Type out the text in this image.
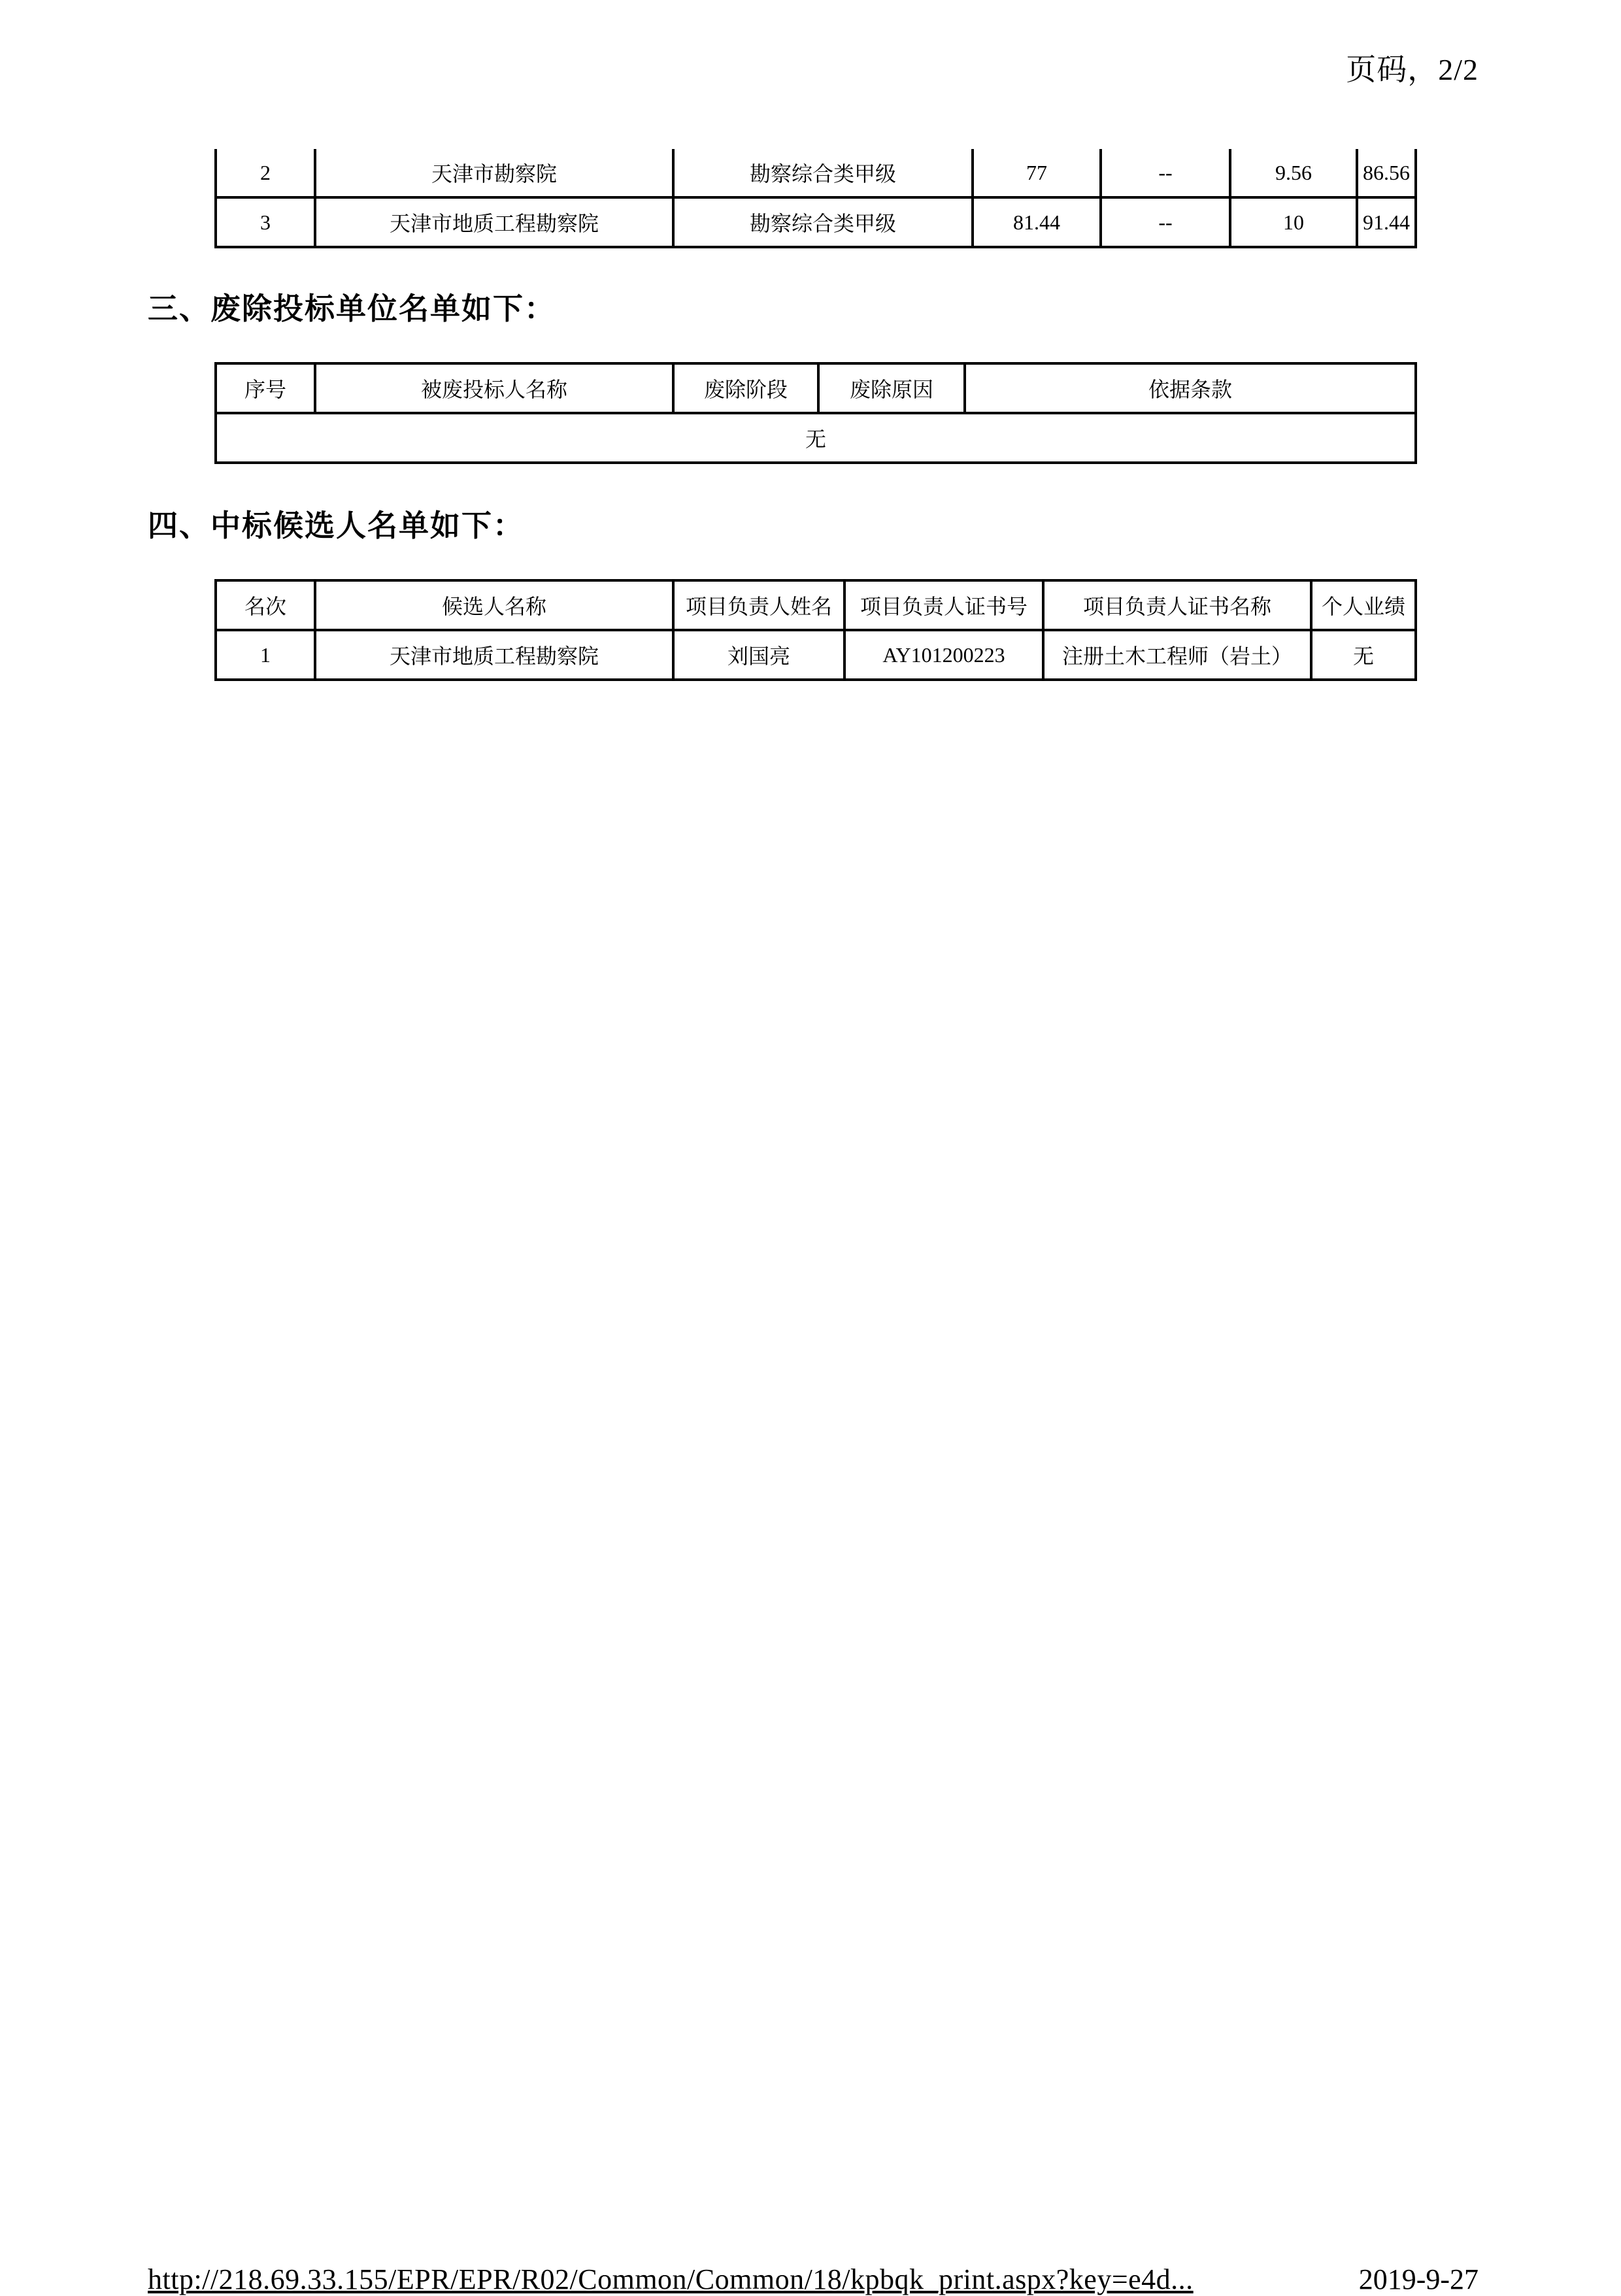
页码，2/2
2	天津市勘察院	勘察综合类甲级	77	--	9.56	86.56
3	天津市地质工程勘察院	勘察综合类甲级	81.44	--	10	91.44
三、废除投标单位名单如下：
序号	被废投标人名称	废除阶段	废除原因	依据条款
无
四、中标候选人名单如下：
名次	候选人名称	项目负责人姓名	项目负责人证书号	项目负责人证书名称	个人业绩
1	天津市地质工程勘察院	刘国亮	AY101200223	注册土木工程师（岩土）	无
http://218.69.33.155/EPR/EPR/R02/Common/Common/18/kpbqk_print.aspx?key=e4d...	2019-9-27
